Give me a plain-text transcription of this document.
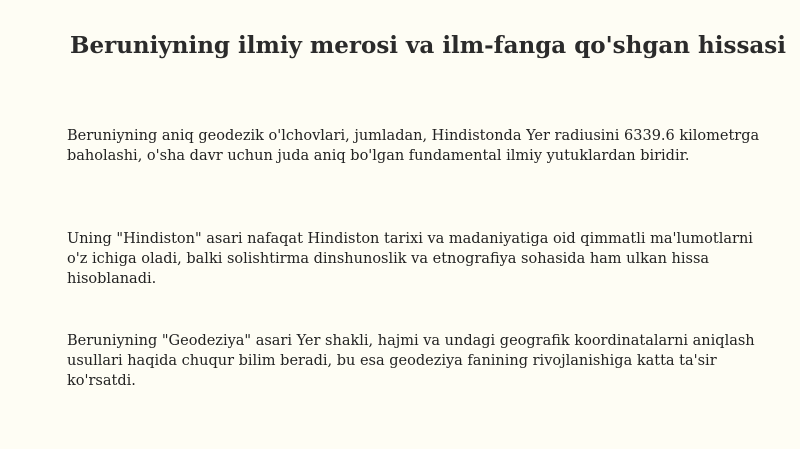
Beruniyning ilmiy merosi va ilm-fanga qo'shgan hissasi

Beruniyning aniq geodezik o'lchovlari, jumladan, Hindistonda Yer radiusini 6339.6 kilometrga baholashi, o'sha davr uchun juda aniq bo'lgan fundamental ilmiy yutuklardan biridir.

Uning "Hindiston" asari nafaqat Hindiston tarixi va madaniyatiga oid qimmatli ma'lumotlarni o'z ichiga oladi, balki solishtirma dinshunoslik va etnografiya sohasida ham ulkan hissa hisoblanadi.

Beruniyning "Geodeziya" asari Yer shakli, hajmi va undagi geografik koordinatalarni aniqlash usullari haqida chuqur bilim beradi, bu esa geodeziya fanining rivojlanishiga katta ta'sir ko'rsatdi.
